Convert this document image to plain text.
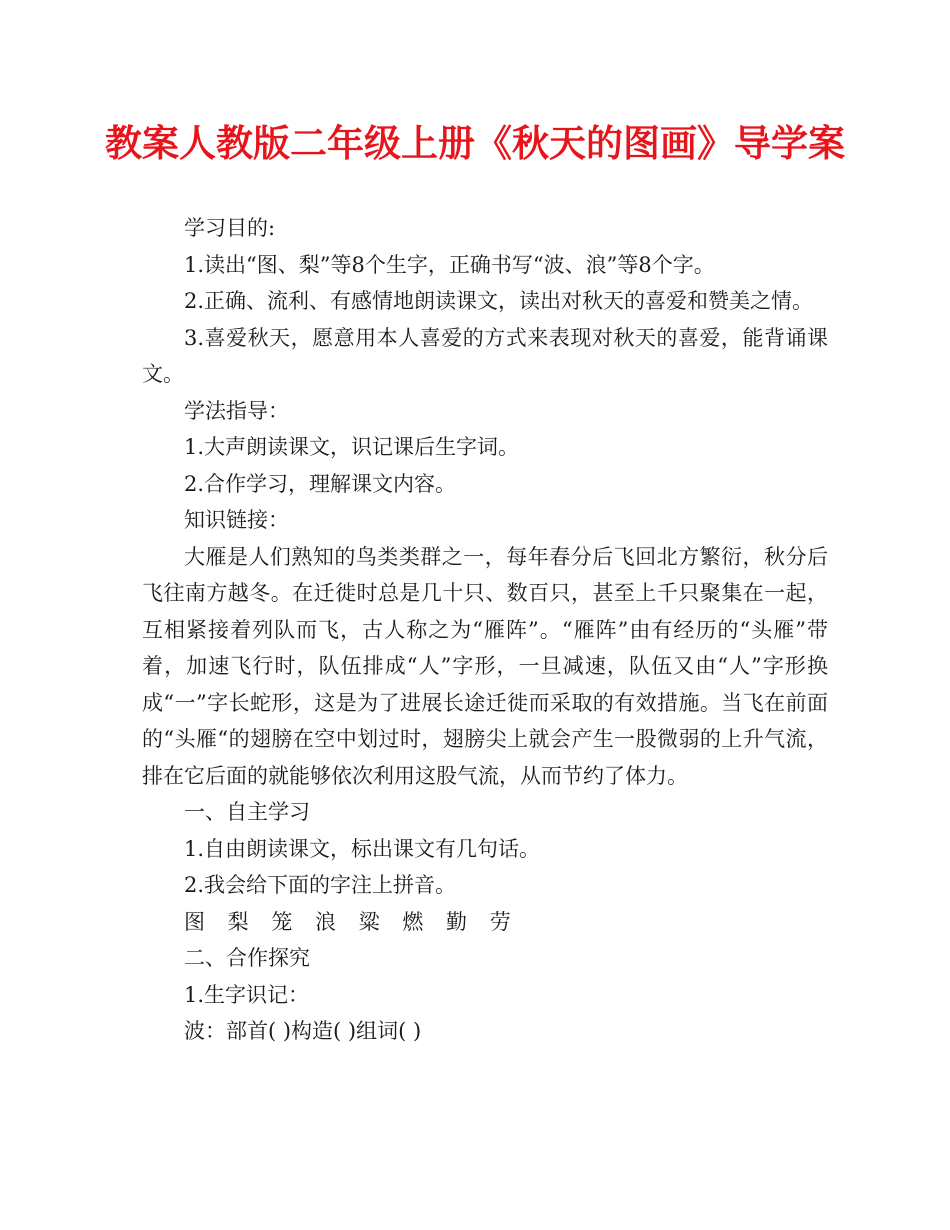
教案人教版二年级上册《秋天的图画》导学案

学习目的:

1.读出“图、梨”等8个生字，正确书写“波、浪”等8个字。

2.正确、流利、有感情地朗读课文，读出对秋天的喜爱和赞美之情。

3.喜爱秋天，愿意用本人喜爱的方式来表现对秋天的喜爱，能背诵课文。

学法指导：

1.大声朗读课文，识记课后生字词。

2.合作学习，理解课文内容。

知识链接：

大雁是人们熟知的鸟类类群之一，每年春分后飞回北方繁衍，秋分后飞往南方越冬。在迁徙时总是几十只、数百只，甚至上千只聚集在一起，互相紧接着列队而飞，古人称之为“雁阵”。“雁阵”由有经历的“头雁”带着，加速飞行时，队伍排成“人”字形，一旦减速，队伍又由“人”字形换成“一”字长蛇形，这是为了进展长途迁徙而采取的有效措施。当飞在前面的“头雁“的翅膀在空中划过时，翅膀尖上就会产生一股微弱的上升气流，排在它后面的就能够依次利用这股气流，从而节约了体力。

一、自主学习

1.自由朗读课文，标出课文有几句话。

2.我会给下面的字注上拼音。

图 梨 笼 浪 粱 燃 勤 劳

二、合作探究

1.生字识记：

波：部首( )构造( )组词( )
